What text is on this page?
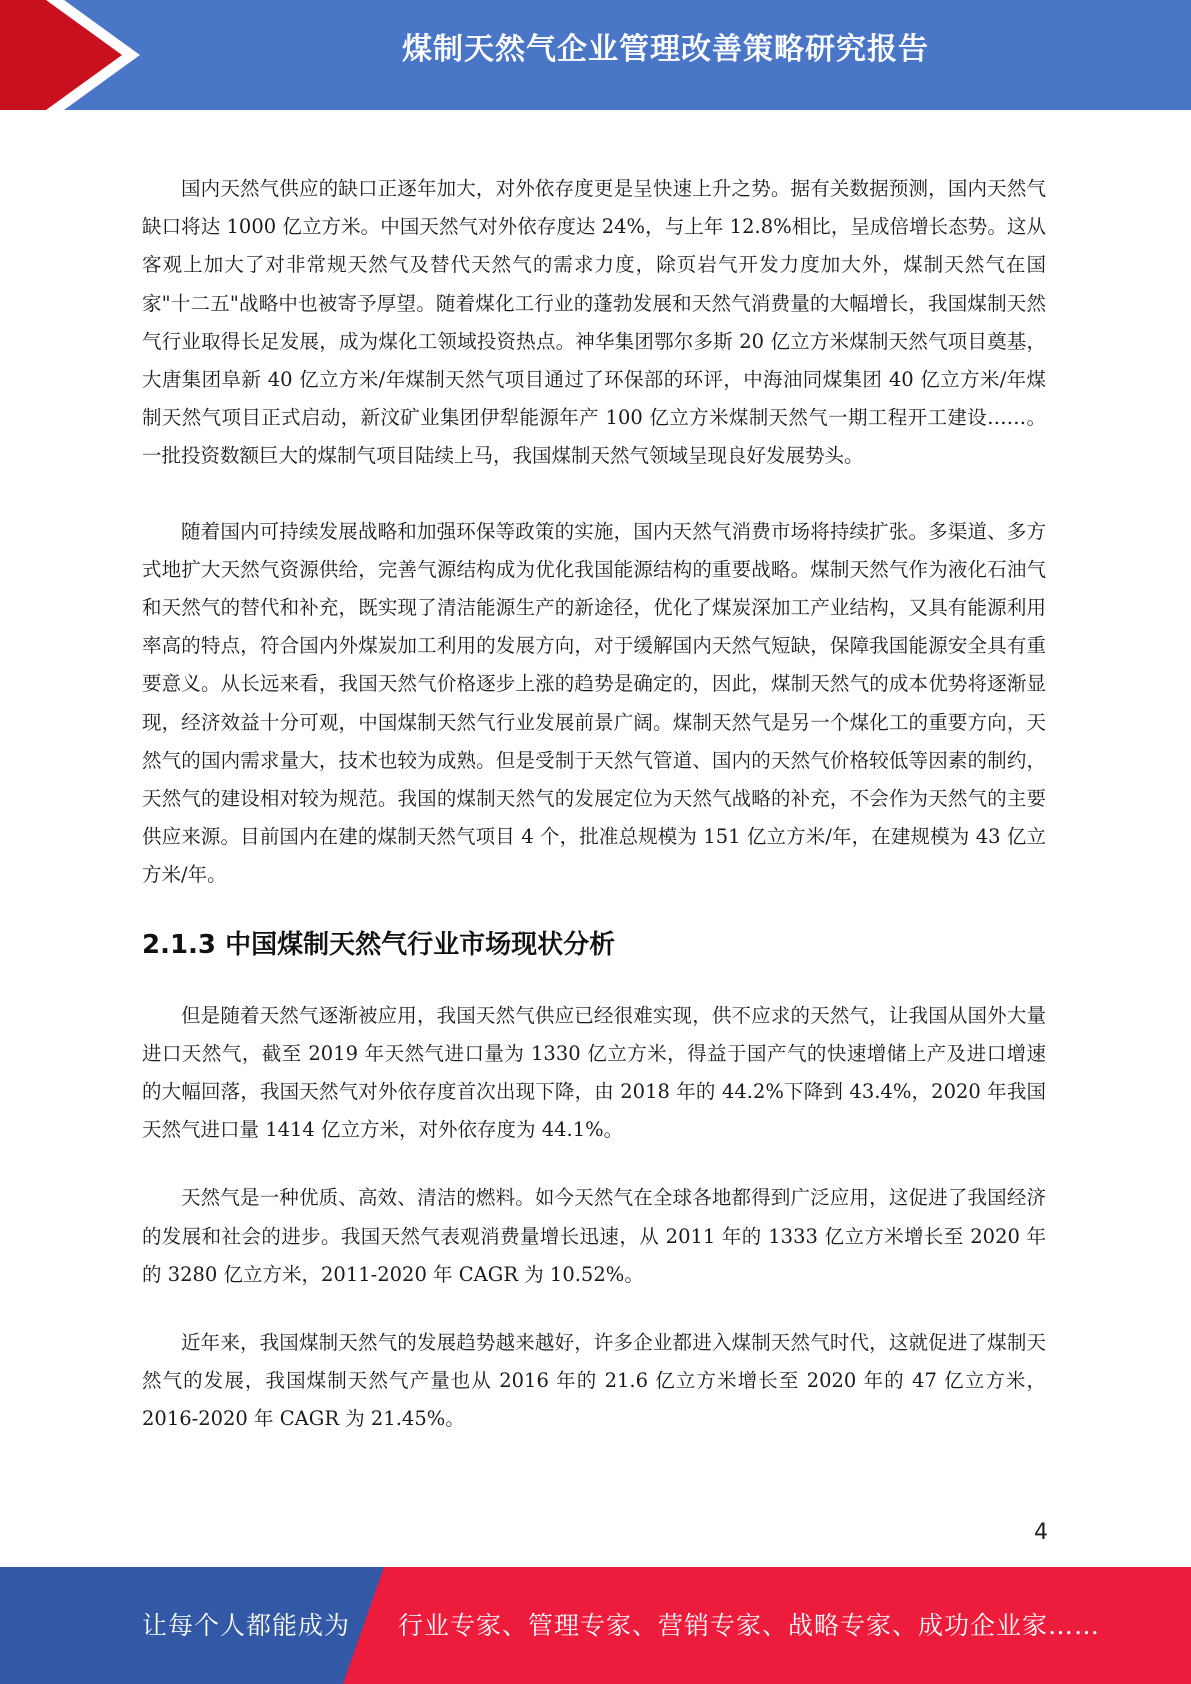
煤制天然气企业管理改善策略研究报告

国内天然气供应的缺口正逐年加大，对外依存度更是呈快速上升之势。据有关数据预测，国内天然气缺口将达 1000 亿立方米。中国天然气对外依存度达 24%，与上年 12.8%相比，呈成倍增长态势。这从客观上加大了对非常规天然气及替代天然气的需求力度，除页岩气开发力度加大外，煤制天然气在国家"十二五"战略中也被寄予厚望。随着煤化工行业的蓬勃发展和天然气消费量的大幅增长，我国煤制天然气行业取得长足发展，成为煤化工领域投资热点。神华集团鄂尔多斯 20 亿立方米煤制天然气项目奠基，大唐集团阜新 40 亿立方米/年煤制天然气项目通过了环保部的环评，中海油同煤集团 40 亿立方米/年煤制天然气项目正式启动，新汶矿业集团伊犁能源年产 100 亿立方米煤制天然气一期工程开工建设……。一批投资数额巨大的煤制气项目陆续上马，我国煤制天然气领域呈现良好发展势头。

随着国内可持续发展战略和加强环保等政策的实施，国内天然气消费市场将持续扩张。多渠道、多方式地扩大天然气资源供给，完善气源结构成为优化我国能源结构的重要战略。煤制天然气作为液化石油气和天然气的替代和补充，既实现了清洁能源生产的新途径，优化了煤炭深加工产业结构，又具有能源利用率高的特点，符合国内外煤炭加工利用的发展方向，对于缓解国内天然气短缺，保障我国能源安全具有重要意义。从长远来看，我国天然气价格逐步上涨的趋势是确定的，因此，煤制天然气的成本优势将逐渐显现，经济效益十分可观，中国煤制天然气行业发展前景广阔。煤制天然气是另一个煤化工的重要方向，天然气的国内需求量大，技术也较为成熟。但是受制于天然气管道、国内的天然气价格较低等因素的制约，天然气的建设相对较为规范。我国的煤制天然气的发展定位为天然气战略的补充，不会作为天然气的主要供应来源。目前国内在建的煤制天然气项目 4 个，批准总规模为 151 亿立方米/年，在建规模为 43 亿立方米/年。

2.1.3 中国煤制天然气行业市场现状分析

但是随着天然气逐渐被应用，我国天然气供应已经很难实现，供不应求的天然气，让我国从国外大量进口天然气，截至 2019 年天然气进口量为 1330 亿立方米，得益于国产气的快速增储上产及进口增速的大幅回落，我国天然气对外依存度首次出现下降，由 2018 年的 44.2%下降到 43.4%，2020 年我国天然气进口量 1414 亿立方米，对外依存度为 44.1%。

天然气是一种优质、高效、清洁的燃料。如今天然气在全球各地都得到广泛应用，这促进了我国经济的发展和社会的进步。我国天然气表观消费量增长迅速，从 2011 年的 1333 亿立方米增长至 2020 年的 3280 亿立方米，2011-2020 年 CAGR 为 10.52%。

近年来，我国煤制天然气的发展趋势越来越好，许多企业都进入煤制天然气时代，这就促进了煤制天然气的发展，我国煤制天然气产量也从 2016 年的 21.6 亿立方米增长至 2020 年的 47 亿立方米，2016-2020 年 CAGR 为 21.45%。

4
让每个人都能成为 行业专家、管理专家、营销专家、战略专家、成功企业家……
